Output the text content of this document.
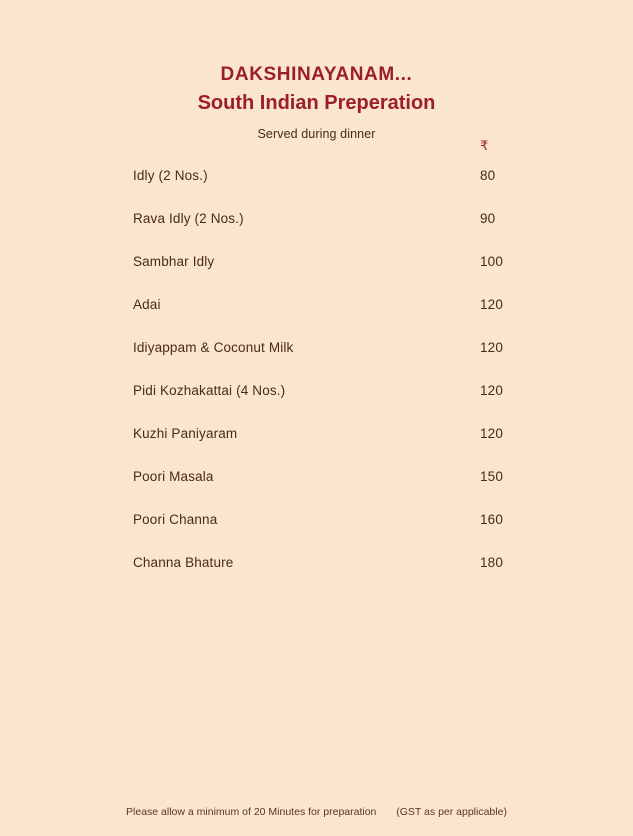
DAKSHINAYANAM...
South Indian Preperation
Served during dinner
₹
Idly (2 Nos.)	80
Rava Idly (2 Nos.)	90
Sambhar Idly	100
Adai	120
Idiyappam & Coconut Milk	120
Pidi Kozhakattai (4 Nos.)	120
Kuzhi Paniyaram	120
Poori Masala	150
Poori Channa	160
Channa Bhature	180
Please allow a minimum of 20 Minutes for preparation (GST as per applicable)
